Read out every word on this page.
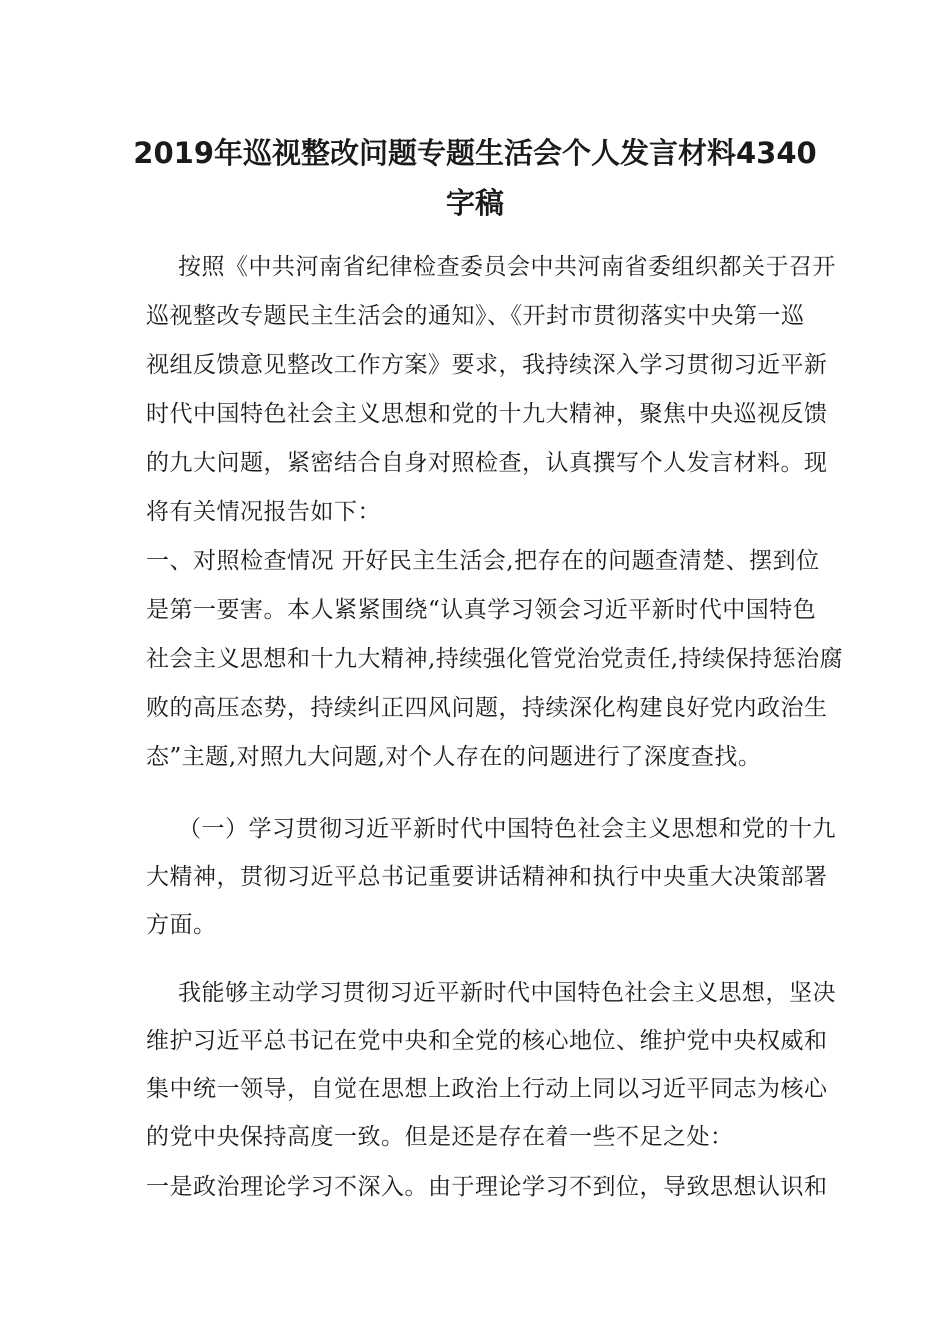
2019年巡视整改问题专题生活会个人发言材料4340
字稿
按照《中共河南省纪律检查委员会中共河南省委组织都关于召开
巡视整改专题民主生活会的通知》、《开封市贯彻落实中央第一巡
视组反馈意见整改工作方案》要求，我持续深入学习贯彻习近平新
时代中国特色社会主义思想和党的十九大精神，聚焦中央巡视反馈
的九大问题，紧密结合自身对照检查，认真撰写个人发言材料。现
将有关情况报告如下：
一、对照检查情况 开好民主生活会,把存在的问题查清楚、摆到位
是第一要害。本人紧紧围绕“认真学习领会习近平新时代中国特色
社会主义思想和十九大精神,持续强化管党治党责任,持续保持惩治腐
败的高压态势，持续纠正四风问题，持续深化构建良好党内政治生
态”主题,对照九大问题,对个人存在的问题进行了深度查找。
（一）学习贯彻习近平新时代中国特色社会主义思想和党的十九
大精神，贯彻习近平总书记重要讲话精神和执行中央重大决策部署
方面。
我能够主动学习贯彻习近平新时代中国特色社会主义思想，坚决
维护习近平总书记在党中央和全党的核心地位、维护党中央权威和
集中统一领导，自觉在思想上政治上行动上同以习近平同志为核心
的党中央保持高度一致。但是还是存在着一些不足之处：
一是政治理论学习不深入。由于理论学习不到位，导致思想认识和
